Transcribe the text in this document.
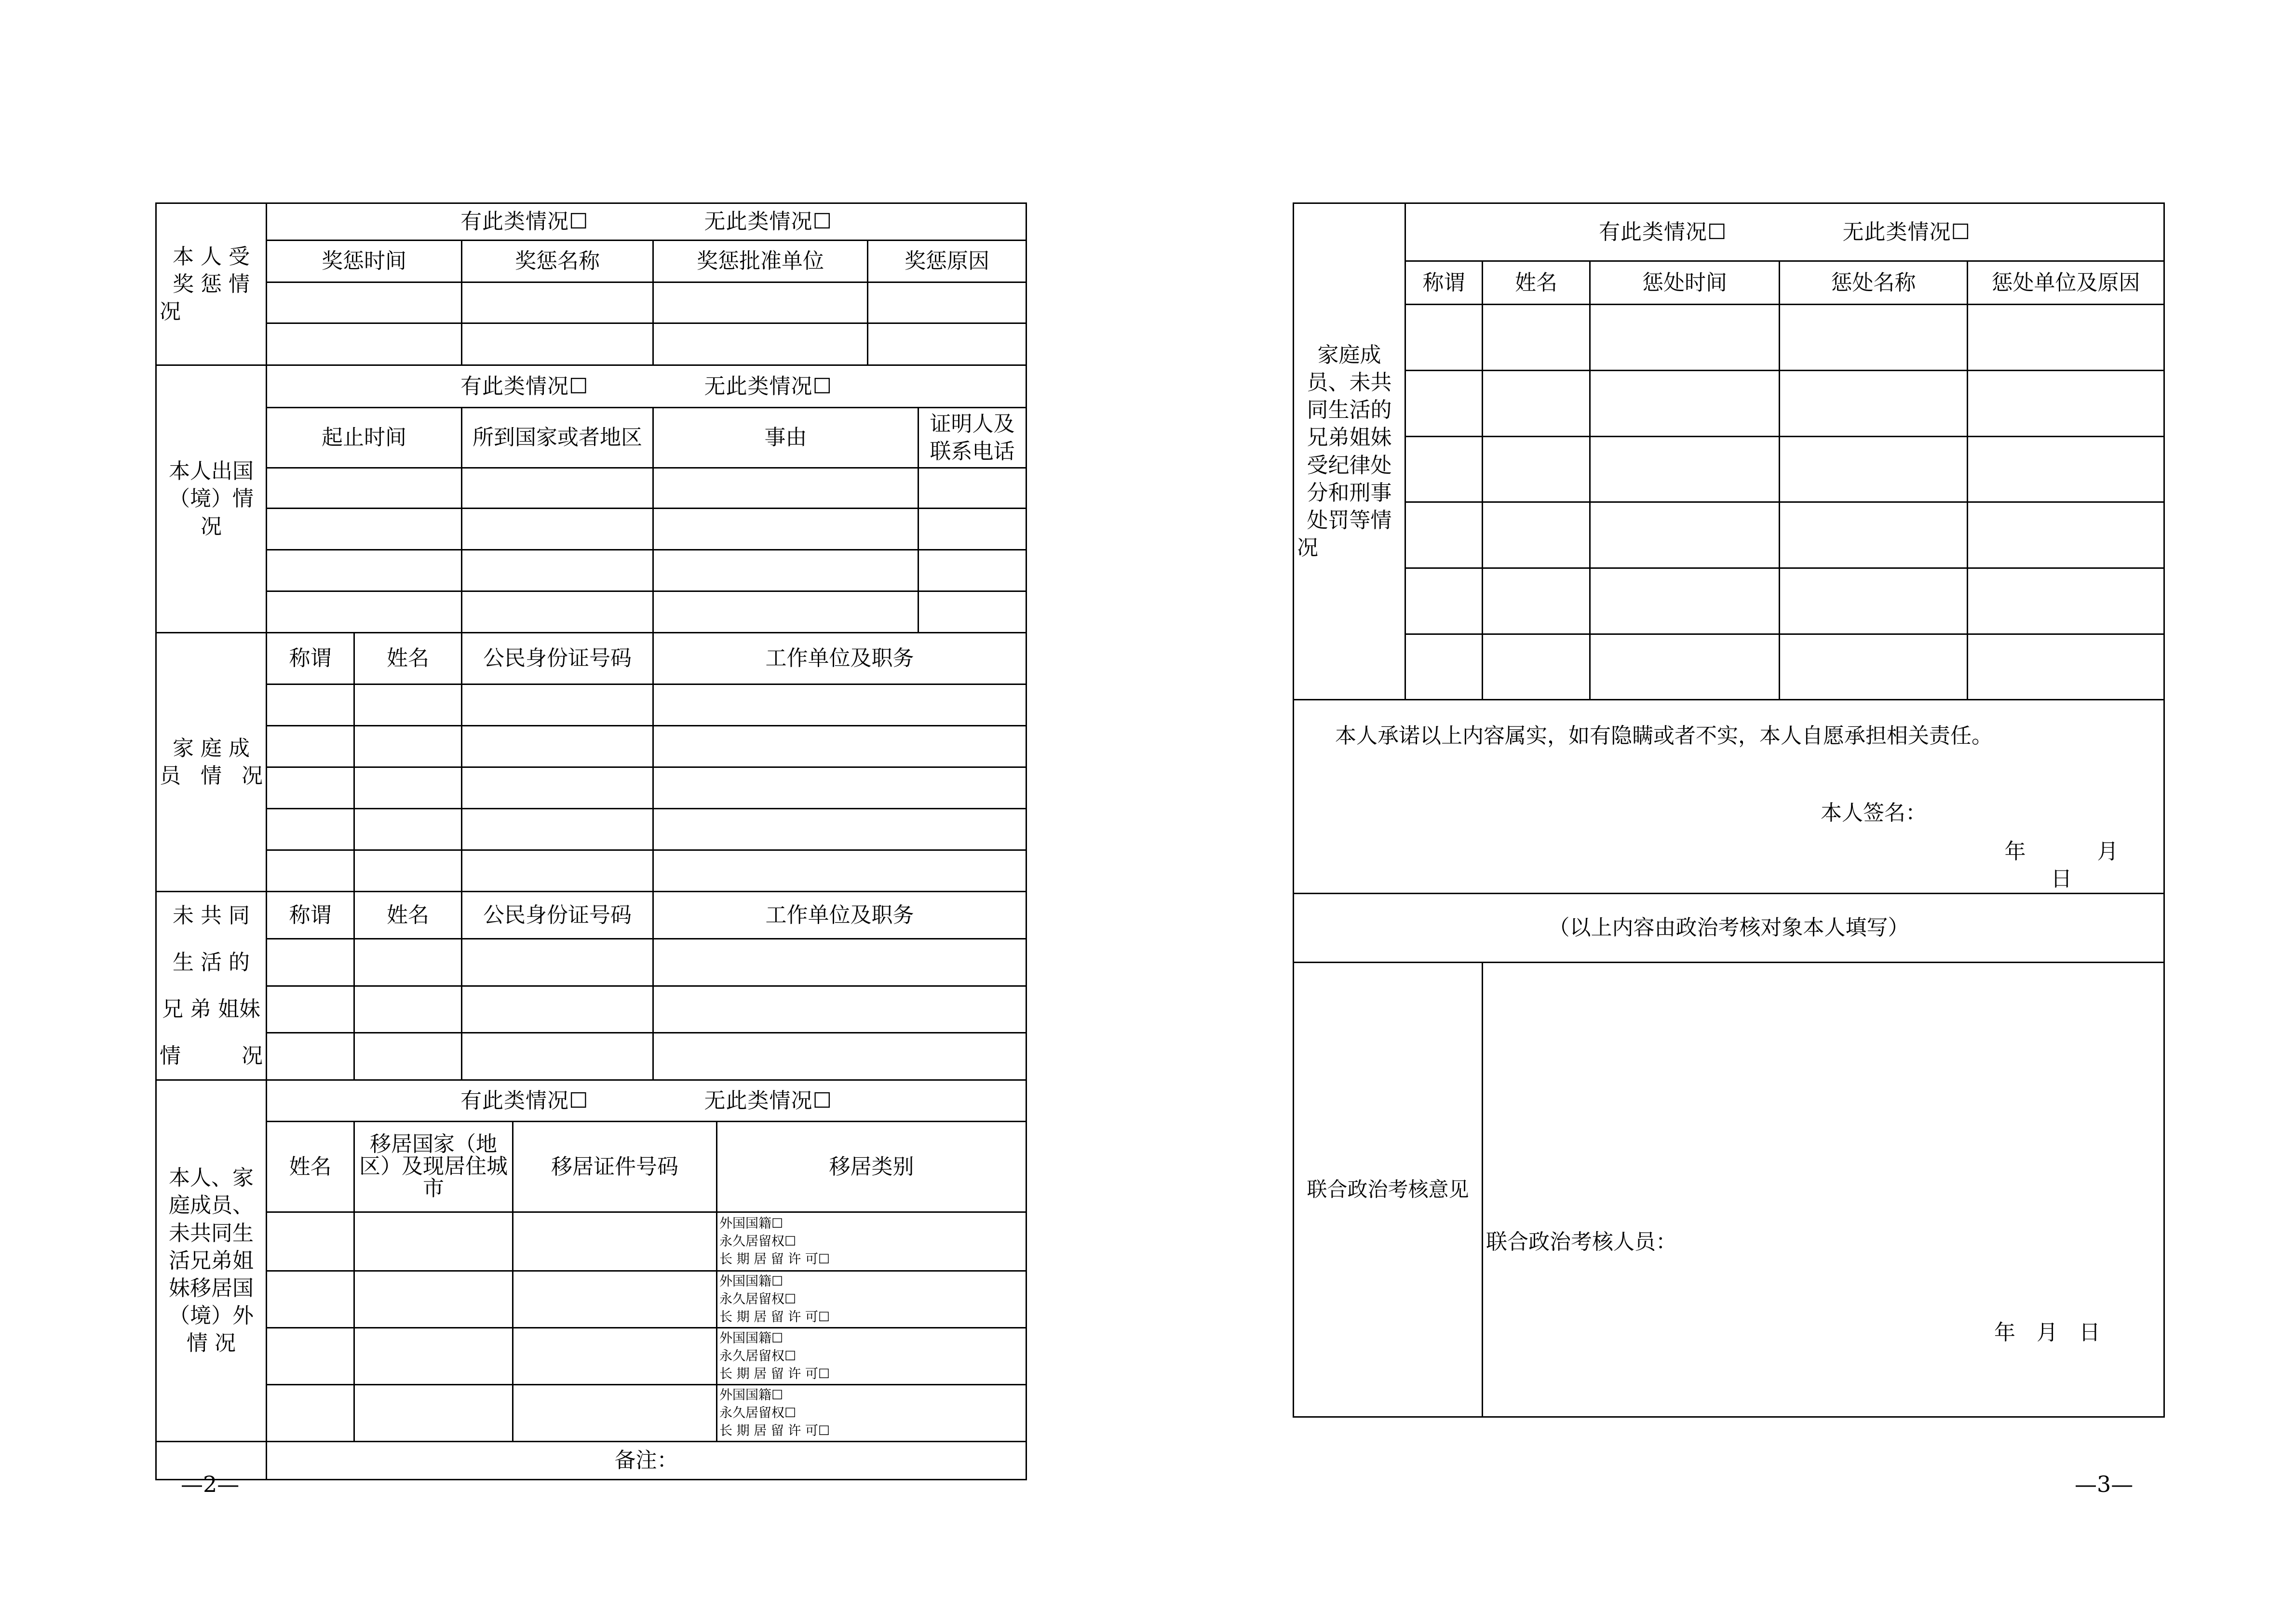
本 人 受 奖 惩 情 况	有此类情况☐ 无此类情况☐								
	奖惩时间		奖惩名称		奖惩批准单位		奖惩原因		

本人出国（境）情况	有此类情况☐ 无此类情况☐								
	起止时间		所到国家或者地区		事由			证明人及联系电话	

家 庭 成 员 情 况	称谓	姓名	公民身份证号码		工作单位及职务				

未 共 同 生 活 的 兄 弟 姐妹情况	称谓	姓名	公民身份证号码		工作单位及职务				

本人、家庭成员、未共同生活兄弟姐妹移居国（境）外 情 况	有此类情况☐ 无此类情况☐								
	姓名	移居国家（地区）及现居住城市		移居证件号码		移居类别	

						外国国籍☐
永久居留权☐
长 期 居 留 许 可☐			

						外国国籍☐
永久居留权☐
长 期 居 留 许 可☐			

						外国国籍☐
永久居留权☐
长 期 居 留 许 可☐			

						外国国籍☐
永久居留权☐
长 期 居 留 许 可☐			

	备注：								
—2—
家庭成员、未共同生活的兄弟姐妹受纪律处分和刑事处罚等情况	有此类情况☐ 无此类情况☐				
	称谓	姓名	惩处时间	惩处名称	惩处单位及原因

本人承诺以上内容属实，如有隐瞒或者不实，本人自愿承担相关责任。
本人签名：
年　 月　 日					

（以上内容由政治考核对象本人填写）					
联合政治考核意见		联合政治考核人员：
年　月　日			
—3—
